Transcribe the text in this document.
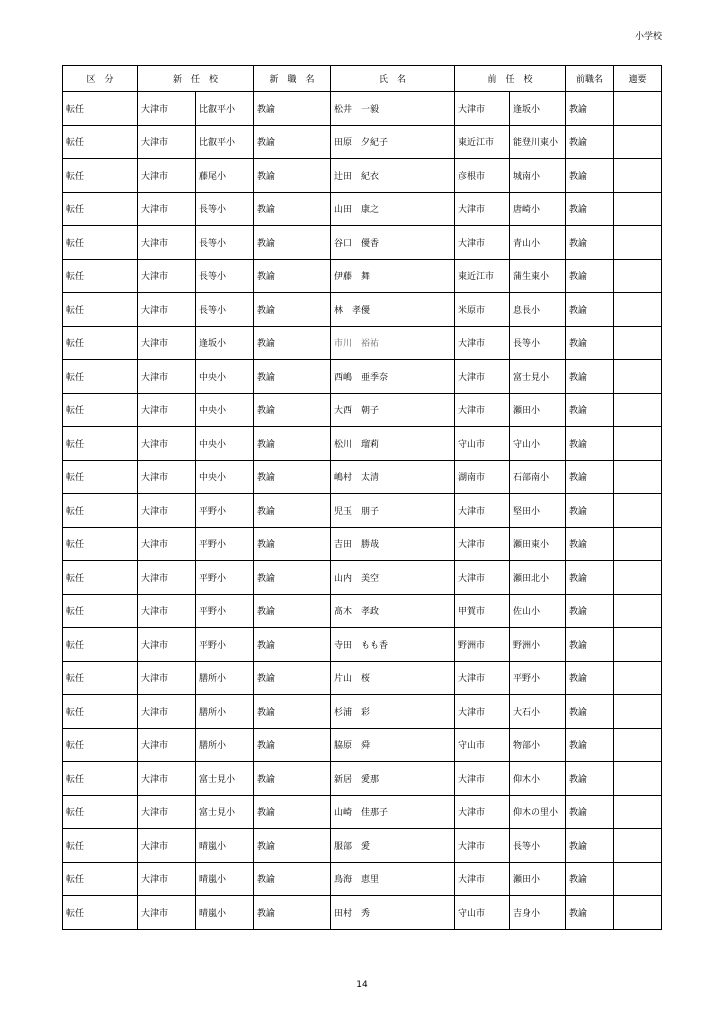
小学校
区　分	新　任　校		新　職　名	氏　名	前　任　校		前職名	適要
転任	大津市	比叡平小	教諭	松井　一毅	大津市	逢坂小	教諭	
転任	大津市	比叡平小	教諭	田原　夕紀子	東近江市	能登川東小	教諭	
転任	大津市	藤尾小	教諭	辻田　紀衣	彦根市	城南小	教諭	
転任	大津市	長等小	教諭	山田　康之	大津市	唐崎小	教諭	
転任	大津市	長等小	教諭	谷口　優香	大津市	青山小	教諭	
転任	大津市	長等小	教諭	伊藤　舞	東近江市	蒲生東小	教諭	
転任	大津市	長等小	教諭	林　孝優	米原市	息長小	教諭	
転任	大津市	逢坂小	教諭	市川　裕祐	大津市	長等小	教諭	
転任	大津市	中央小	教諭	西嶋　亜季奈	大津市	富士見小	教諭	
転任	大津市	中央小	教諭	大西　朝子	大津市	瀬田小	教諭	
転任	大津市	中央小	教諭	松川　瑠莉	守山市	守山小	教諭	
転任	大津市	中央小	教諭	嶋村　太清	湖南市	石部南小	教諭	
転任	大津市	平野小	教諭	児玉　朋子	大津市	堅田小	教諭	
転任	大津市	平野小	教諭	吉田　勝哉	大津市	瀬田東小	教諭	
転任	大津市	平野小	教諭	山内　美空	大津市	瀬田北小	教諭	
転任	大津市	平野小	教諭	髙木　孝政	甲賀市	佐山小	教諭	
転任	大津市	平野小	教諭	寺田　もも香	野洲市	野洲小	教諭	
転任	大津市	膳所小	教諭	片山　桜	大津市	平野小	教諭	
転任	大津市	膳所小	教諭	杉浦　彩	大津市	大石小	教諭	
転任	大津市	膳所小	教諭	脇原　舜	守山市	物部小	教諭	
転任	大津市	富士見小	教諭	新居　愛那	大津市	仰木小	教諭	
転任	大津市	富士見小	教諭	山崎　佳那子	大津市	仰木の里小	教諭	
転任	大津市	晴嵐小	教諭	服部　愛	大津市	長等小	教諭	
転任	大津市	晴嵐小	教諭	鳥海　恵里	大津市	瀬田小	教諭	
転任	大津市	晴嵐小	教諭	田村　秀	守山市	吉身小	教諭	
14
